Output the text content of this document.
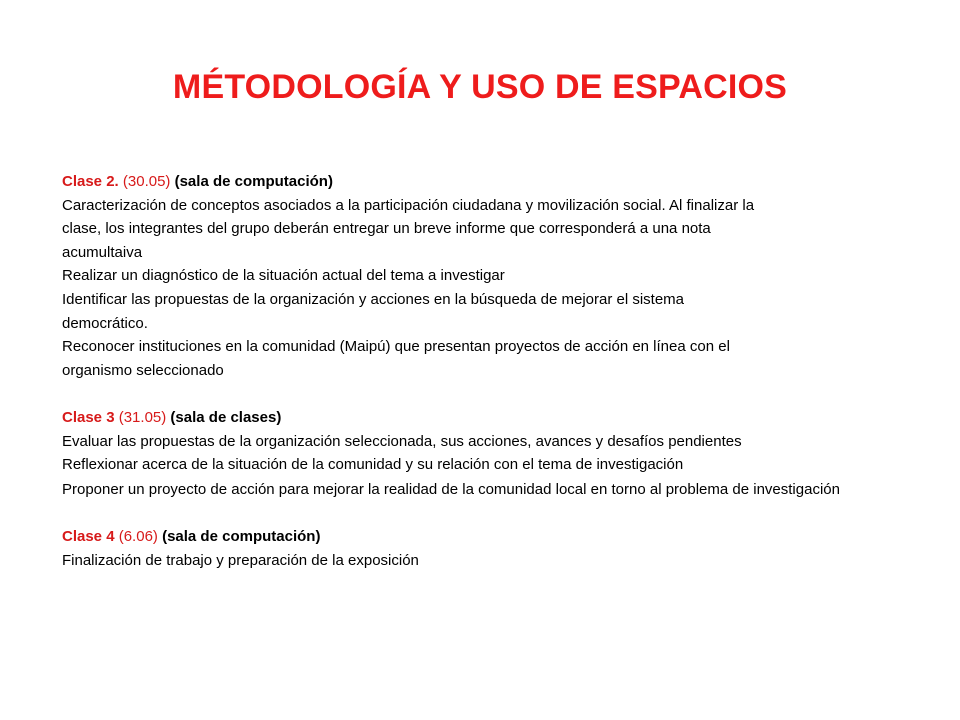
MÉTODOLOGÍA Y USO DE ESPACIOS
Clase 2. (30.05) (sala de computación)
Caracterización de conceptos asociados a la participación ciudadana y movilización social. Al finalizar la
clase, los integrantes del grupo deberán entregar un breve informe que corresponderá a una nota
acumultaiva
Realizar un diagnóstico de la situación actual del tema a investigar
Identificar las propuestas de la organización y acciones en la búsqueda de mejorar el sistema
democrático.
Reconocer instituciones en la comunidad (Maipú) que presentan proyectos de acción en línea con el
organismo seleccionado
Clase 3 (31.05) (sala de clases)
Evaluar las propuestas de la organización seleccionada, sus acciones, avances y desafíos pendientes
Reflexionar acerca de la situación de la comunidad y su relación con el tema de investigación
Proponer un proyecto de acción para mejorar la realidad de la comunidad local en torno al problema de investigación
Clase 4 (6.06) (sala de computación)
Finalización de trabajo y preparación de la exposición
